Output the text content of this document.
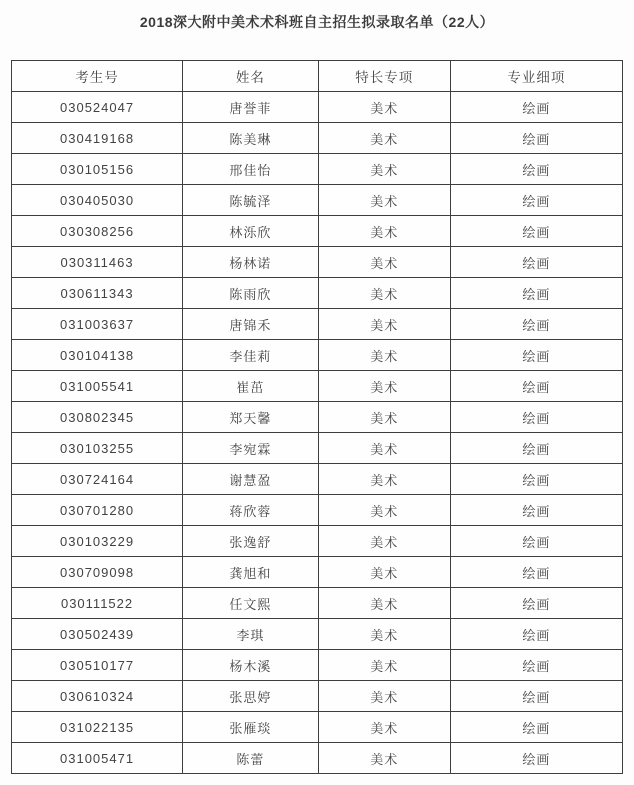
2018深大附中美术术科班自主招生拟录取名单（22人）
考生号	姓名	特长专项	专业细项
030524047	唐誉菲	美术	绘画
030419168	陈美琳	美术	绘画
030105156	邢佳怡	美术	绘画
030405030	陈毓泽	美术	绘画
030308256	林泺欣	美术	绘画
030311463	杨林诺	美术	绘画
030611343	陈雨欣	美术	绘画
031003637	唐锦禾	美术	绘画
030104138	李佳莉	美术	绘画
031005541	崔茁	美术	绘画
030802345	郑天馨	美术	绘画
030103255	李宛霖	美术	绘画
030724164	谢慧盈	美术	绘画
030701280	蒋欣蓉	美术	绘画
030103229	张逸舒	美术	绘画
030709098	龚旭和	美术	绘画
030111522	任文熙	美术	绘画
030502439	李琪	美术	绘画
030510177	杨木溪	美术	绘画
030610324	张思婷	美术	绘画
031022135	张雁琰	美术	绘画
031005471	陈蕾	美术	绘画
